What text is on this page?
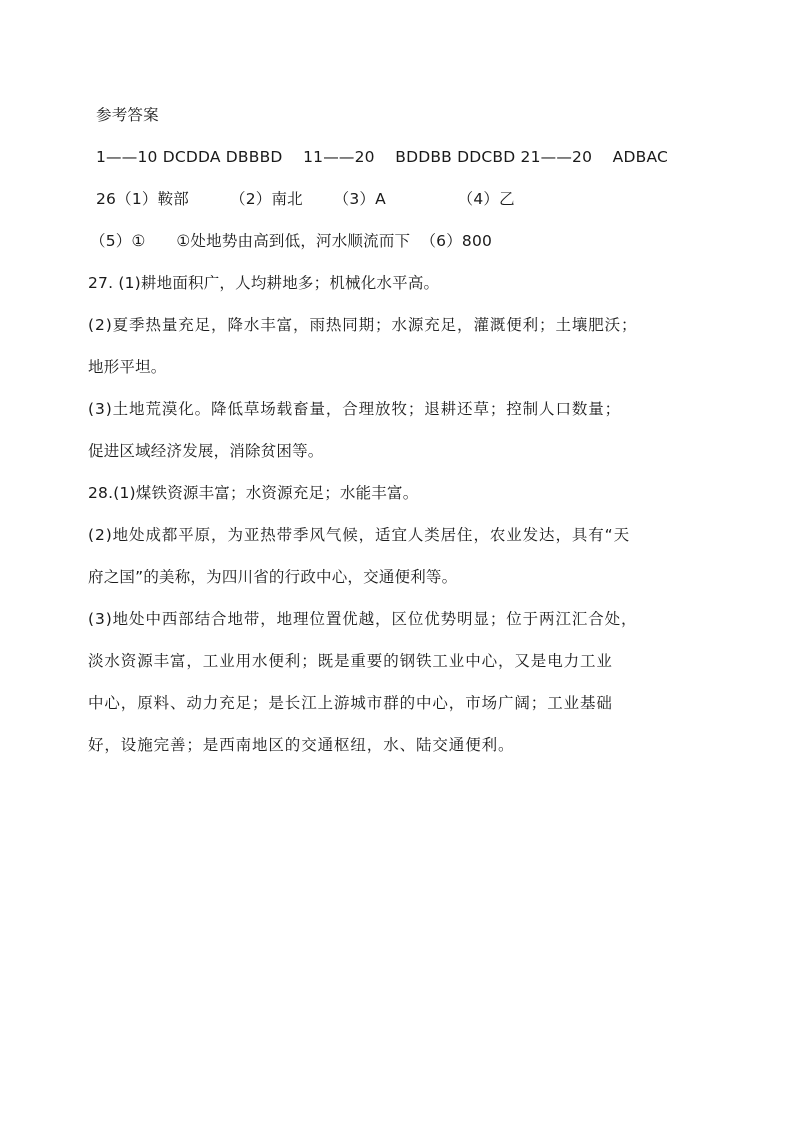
参考答案
1——10 DCDDA DBBBD    11——20    BDDBB DDCBD 21——20    ADBAC
26（1）鞍部        （2）南北      （3）A              （4）乙
（5）①      ①处地势由高到低，河水顺流而下  （6）800
27. (1)耕地面积广，人均耕地多；机械化水平高。
(2)夏季热量充足，降水丰富，雨热同期；水源充足，灌溉便利；土壤肥沃；
地形平坦。
(3)土地荒漠化。降低草场载畜量，合理放牧；退耕还草；控制人口数量；
促进区域经济发展，消除贫困等。
28.(1)煤铁资源丰富；水资源充足；水能丰富。
(2)地处成都平原，为亚热带季风气候，适宜人类居住，农业发达，具有“天
府之国”的美称，为四川省的行政中心，交通便利等。
(3)地处中西部结合地带，地理位置优越，区位优势明显；位于两江汇合处，
淡水资源丰富，工业用水便利；既是重要的钢铁工业中心，又是电力工业
中心，原料、动力充足；是长江上游城市群的中心，市场广阔；工业基础
好，设施完善；是西南地区的交通枢纽，水、陆交通便利。
